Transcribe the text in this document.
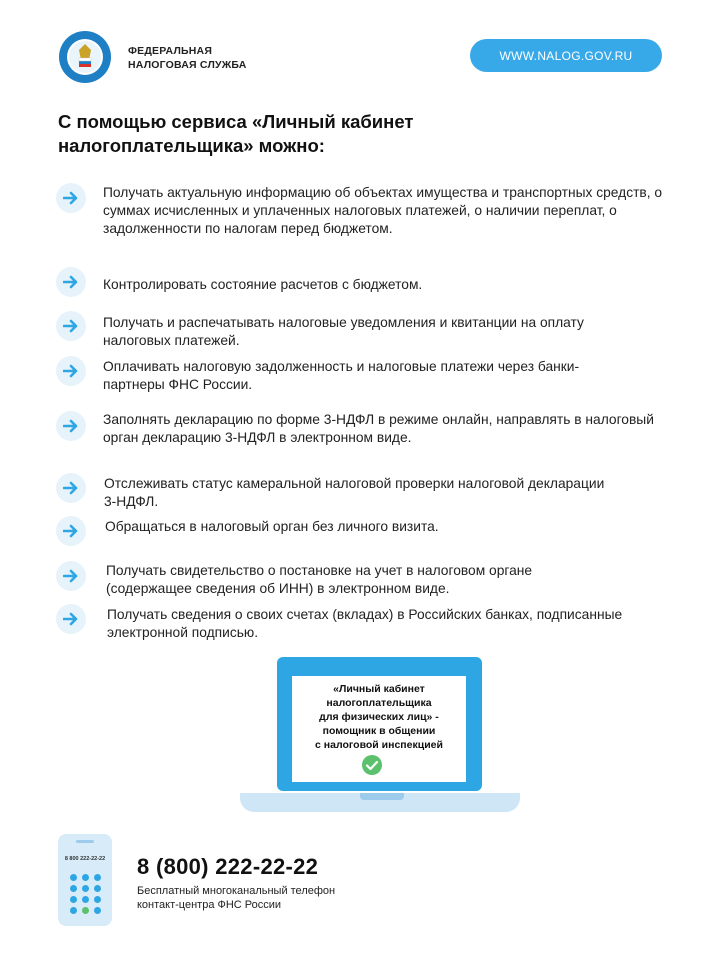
ФЕДЕРАЛЬНАЯ
НАЛОГОВАЯ СЛУЖБА
WWW.NALOG.GOV.RU
С помощью сервиса «Личный кабинет налогоплательщика» можно:
Получать актуальную информацию об объектах имущества и транспортных средств, о суммах исчисленных и уплаченных налоговых платежей, о наличии переплат, о задолженности по налогам перед бюджетом.
Контролировать состояние расчетов с бюджетом.
Получать и распечатывать налоговые уведомления и квитанции на оплату налоговых платежей.
Оплачивать налоговую задолженность и налоговые платежи через банки-партнеры ФНС России.
Заполнять декларацию по форме 3-НДФЛ в режиме онлайн, направлять в налоговый орган декларацию 3-НДФЛ в электронном виде.
Отслеживать статус камеральной налоговой проверки налоговой декларации 3-НДФЛ.
Обращаться в налоговый орган без личного визита.
Получать свидетельство о постановке на учет в налоговом органе (содержащее сведения об ИНН) в электронном виде.
Получать сведения о своих счетах (вкладах) в Российских банках, подписанные электронной подписью.
«Личный кабинет
налогоплательщика
для физических лиц» -
помощник в общении
с налоговой инспекцией
8 800 222-22-22 8 (800) 222-22-22
Бесплатный многоканальный телефон
контакт-центра ФНС России
